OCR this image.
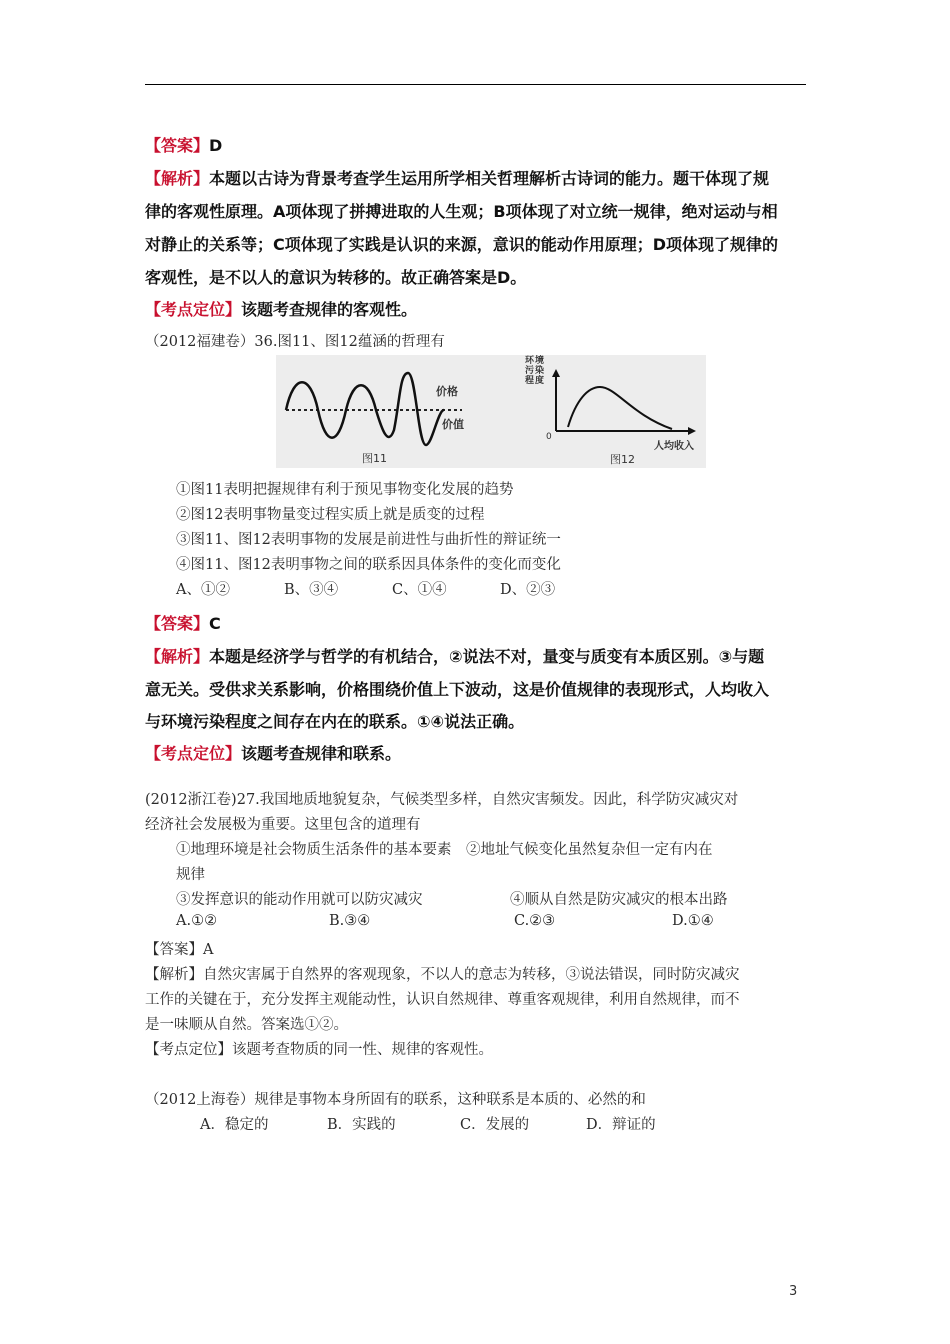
【答案】D
【解析】本题以古诗为背景考查学生运用所学相关哲理解析古诗词的能力。题干体现了规
律的客观性原理。A项体现了拼搏进取的人生观；B项体现了对立统一规律，绝对运动与相
对静止的关系等；C项体现了实践是认识的来源，意识的能动作用原理；D项体现了规律的
客观性，是不以人的意识为转移的。故正确答案是D。
【考点定位】该题考查规律的客观性。
（2012福建卷）36.图11、图12蕴涵的哲理有
价格
价值
图11
0
环 境
污 染
程 度
人均收入
图12
①图11表明把握规律有利于预见事物变化发展的趋势
②图12表明事物量变过程实质上就是质变的过程
③图11、图12表明事物的发展是前进性与曲折性的辩证统一
④图11、图12表明事物之间的联系因具体条件的变化而变化
A、①②	B、③④	C、①④	D、②③
【答案】C
【解析】本题是经济学与哲学的有机结合，②说法不对，量变与质变有本质区别。③与题
意无关。受供求关系影响，价格围绕价值上下波动，这是价值规律的表现形式，人均收入
与环境污染程度之间存在内在的联系。①④说法正确。
【考点定位】该题考查规律和联系。
(2012浙江卷)27.我国地质地貌复杂，气候类型多样，自然灾害频发。因此，科学防灾减灾对
经济社会发展极为重要。这里包含的道理有
①地理环境是社会物质生活条件的基本要素　②地址气候变化虽然复杂但一定有内在
规律
③发挥意识的能动作用就可以防灾减灾	④顺从自然是防灾减灾的根本出路
A.①②	B.③④	C.②③	D.①④
【答案】A
【解析】自然灾害属于自然界的客观现象，不以人的意志为转移，③说法错误，同时防灾减灾
工作的关键在于，充分发挥主观能动性，认识自然规律、尊重客观规律，利用自然规律，而不
是一味顺从自然。答案选①②。
【考点定位】该题考查物质的同一性、规律的客观性。
（2012上海卷）规律是事物本身所固有的联系，这种联系是本质的、必然的和
A．稳定的	B．实践的	C．发展的	D．辩证的
3
